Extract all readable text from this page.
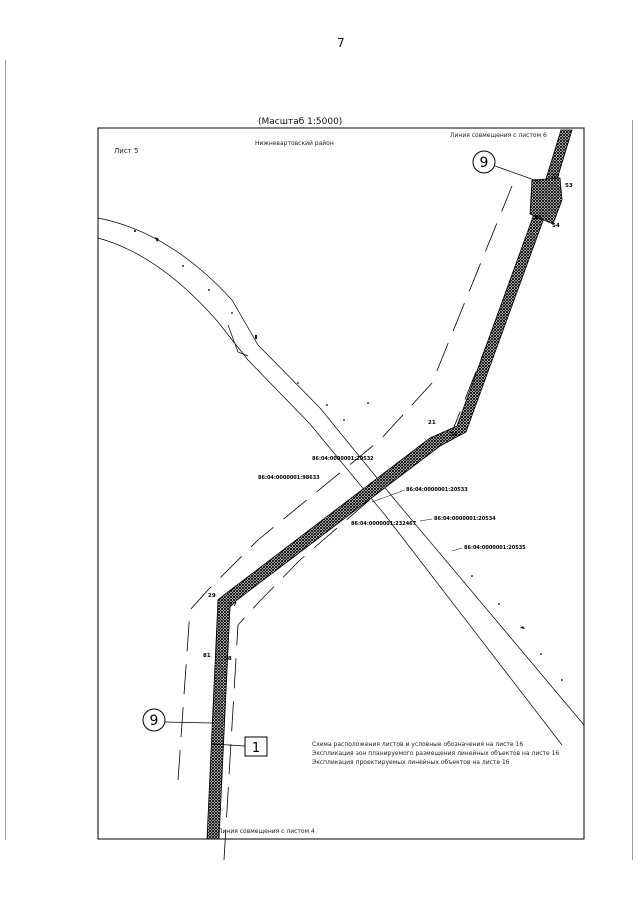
7
(Масштаб 1:5000)
Лист 5
Нижневартовский район
Линия совмещения с листом 6
Линия совмещения с листом 4
86:04:0000001:20532
86:04:0000001:98633
86:04:0000001:20533
86:04:0000001:20534
86:04:0000001:232467
86:04:0000001:20535
52
53
55
54
21
56
29
57
81 58
9
9
1	Схема расположения листов и условные обозначения на листе 16
Экспликация зон планируемого размещения линейных объектов на листе 16
Экспликация проектируемых линейных объектов на листе 16
